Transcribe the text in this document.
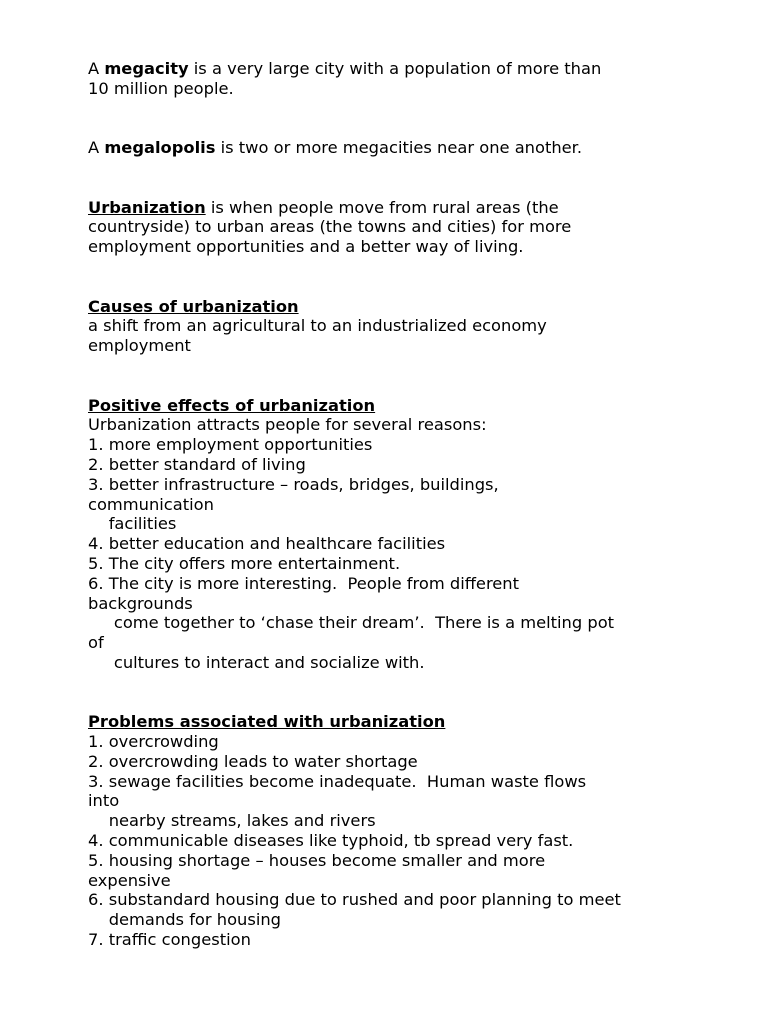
A megacity is a very large city with a population of more than
10 million people.
A megalopolis is two or more megacities near one another.
Urbanization is when people move from rural areas (the
countryside) to urban areas (the towns and cities) for more
employment opportunities and a better way of living.
Causes of urbanization
a shift from an agricultural to an industrialized economy
employment
Positive effects of urbanization
Urbanization attracts people for several reasons:
1. more employment opportunities
2. better standard of living
3. better infrastructure – roads, bridges, buildings,
communication
facilities
4. better education and healthcare facilities
5. The city offers more entertainment.
6. The city is more interesting.  People from different
backgrounds
come together to ‘chase their dream’.  There is a melting pot
of
cultures to interact and socialize with.
Problems associated with urbanization
1. overcrowding
2. overcrowding leads to water shortage
3. sewage facilities become inadequate.  Human waste flows
into
nearby streams, lakes and rivers
4. communicable diseases like typhoid, tb spread very fast.
5. housing shortage – houses become smaller and more
expensive
6. substandard housing due to rushed and poor planning to meet
demands for housing
7. traffic congestion
